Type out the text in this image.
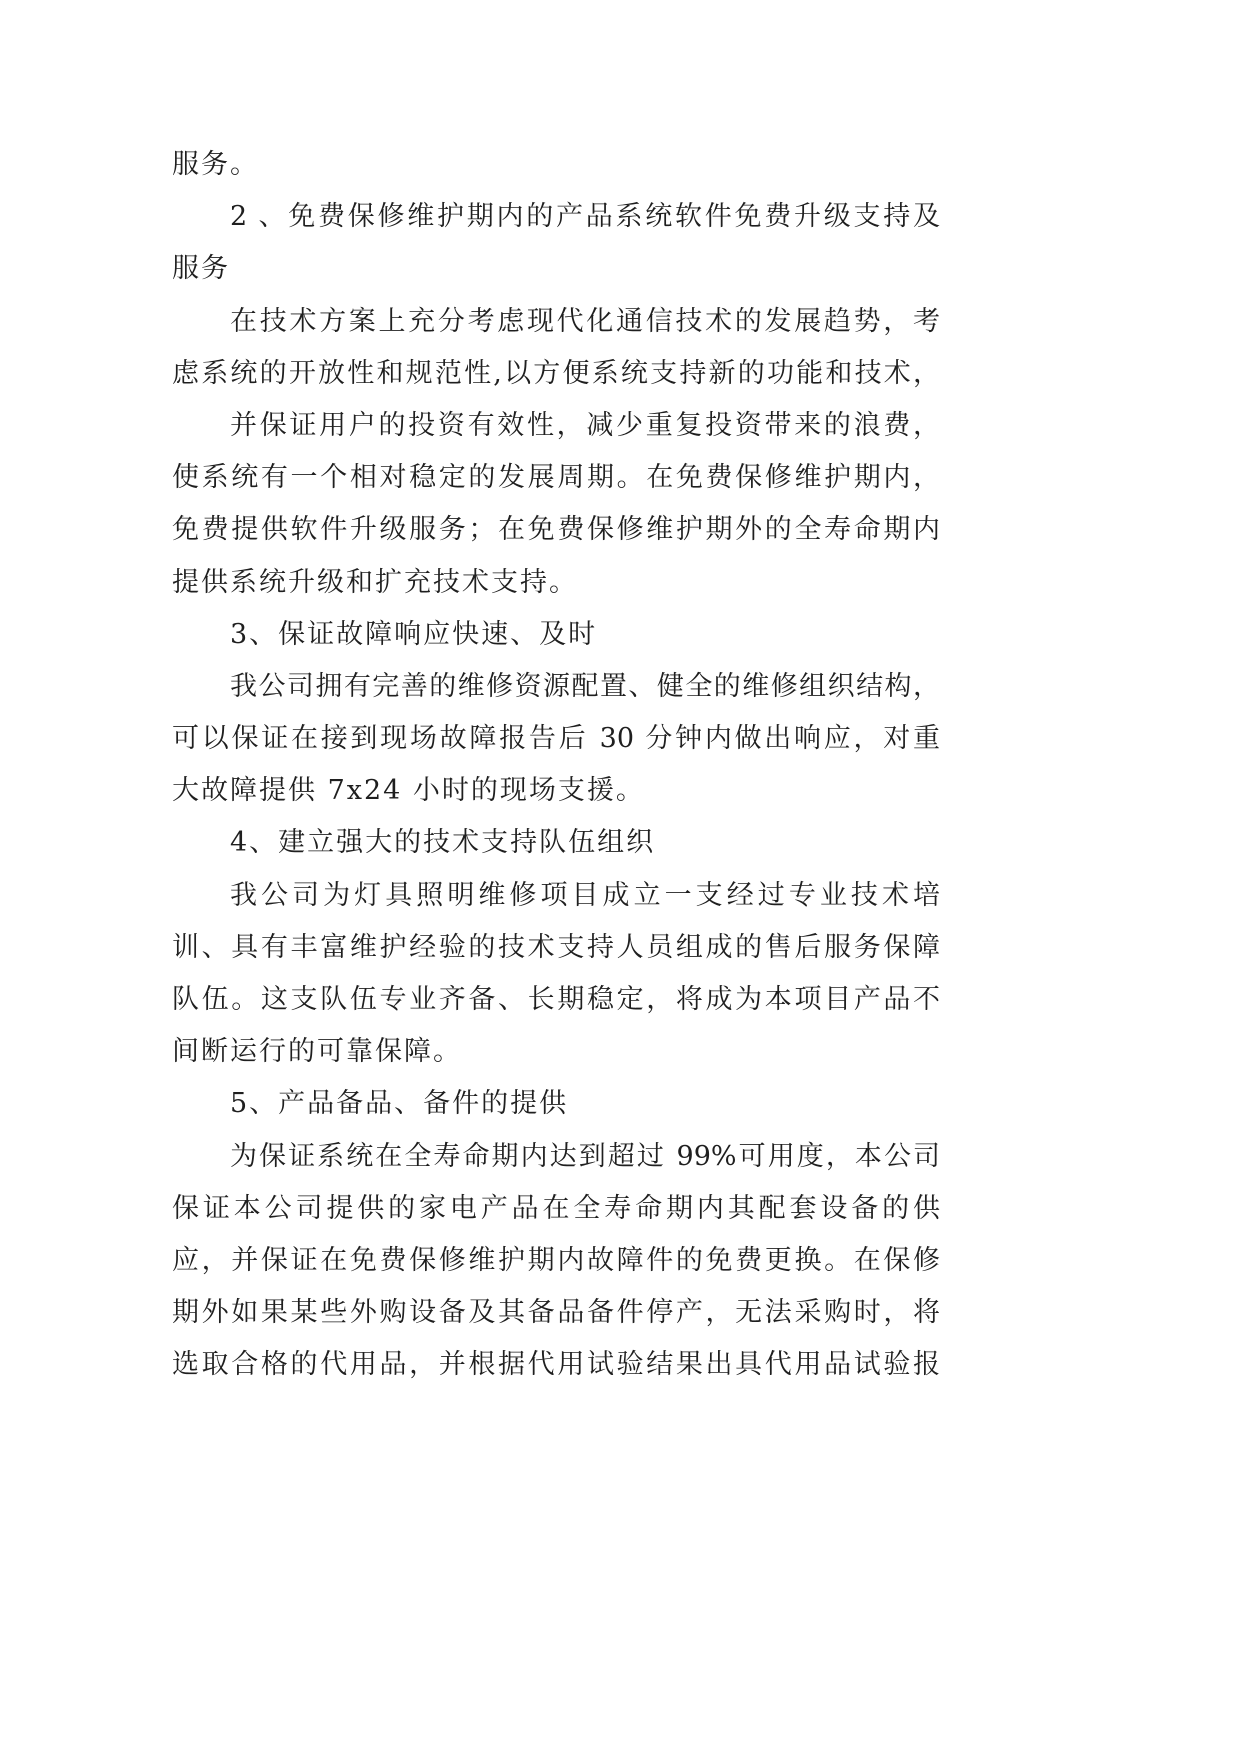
服务。
2 、免费保修维护期内的产品系统软件免费升级支持及
服务
在技术方案上充分考虑现代化通信技术的发展趋势，考
虑系统的开放性和规范性,以方便系统支持新的功能和技术，
并保证用户的投资有效性，减少重复投资带来的浪费，
使系统有一个相对稳定的发展周期。在免费保修维护期内，
免费提供软件升级服务；在免费保修维护期外的全寿命期内
提供系统升级和扩充技术支持。
3、保证故障响应快速、及时
我公司拥有完善的维修资源配置、健全的维修组织结构，
可以保证在接到现场故障报告后 30 分钟内做出响应，对重
大故障提供 7x24 小时的现场支援。
4、建立强大的技术支持队伍组织
我公司为灯具照明维修项目成立一支经过专业技术培
训、具有丰富维护经验的技术支持人员组成的售后服务保障
队伍。这支队伍专业齐备、长期稳定，将成为本项目产品不
间断运行的可靠保障。
5、产品备品、备件的提供
为保证系统在全寿命期内达到超过 99%可用度，本公司
保证本公司提供的家电产品在全寿命期内其配套设备的供
应，并保证在免费保修维护期内故障件的免费更换。在保修
期外如果某些外购设备及其备品备件停产，无法采购时，将
选取合格的代用品，并根据代用试验结果出具代用品试验报
